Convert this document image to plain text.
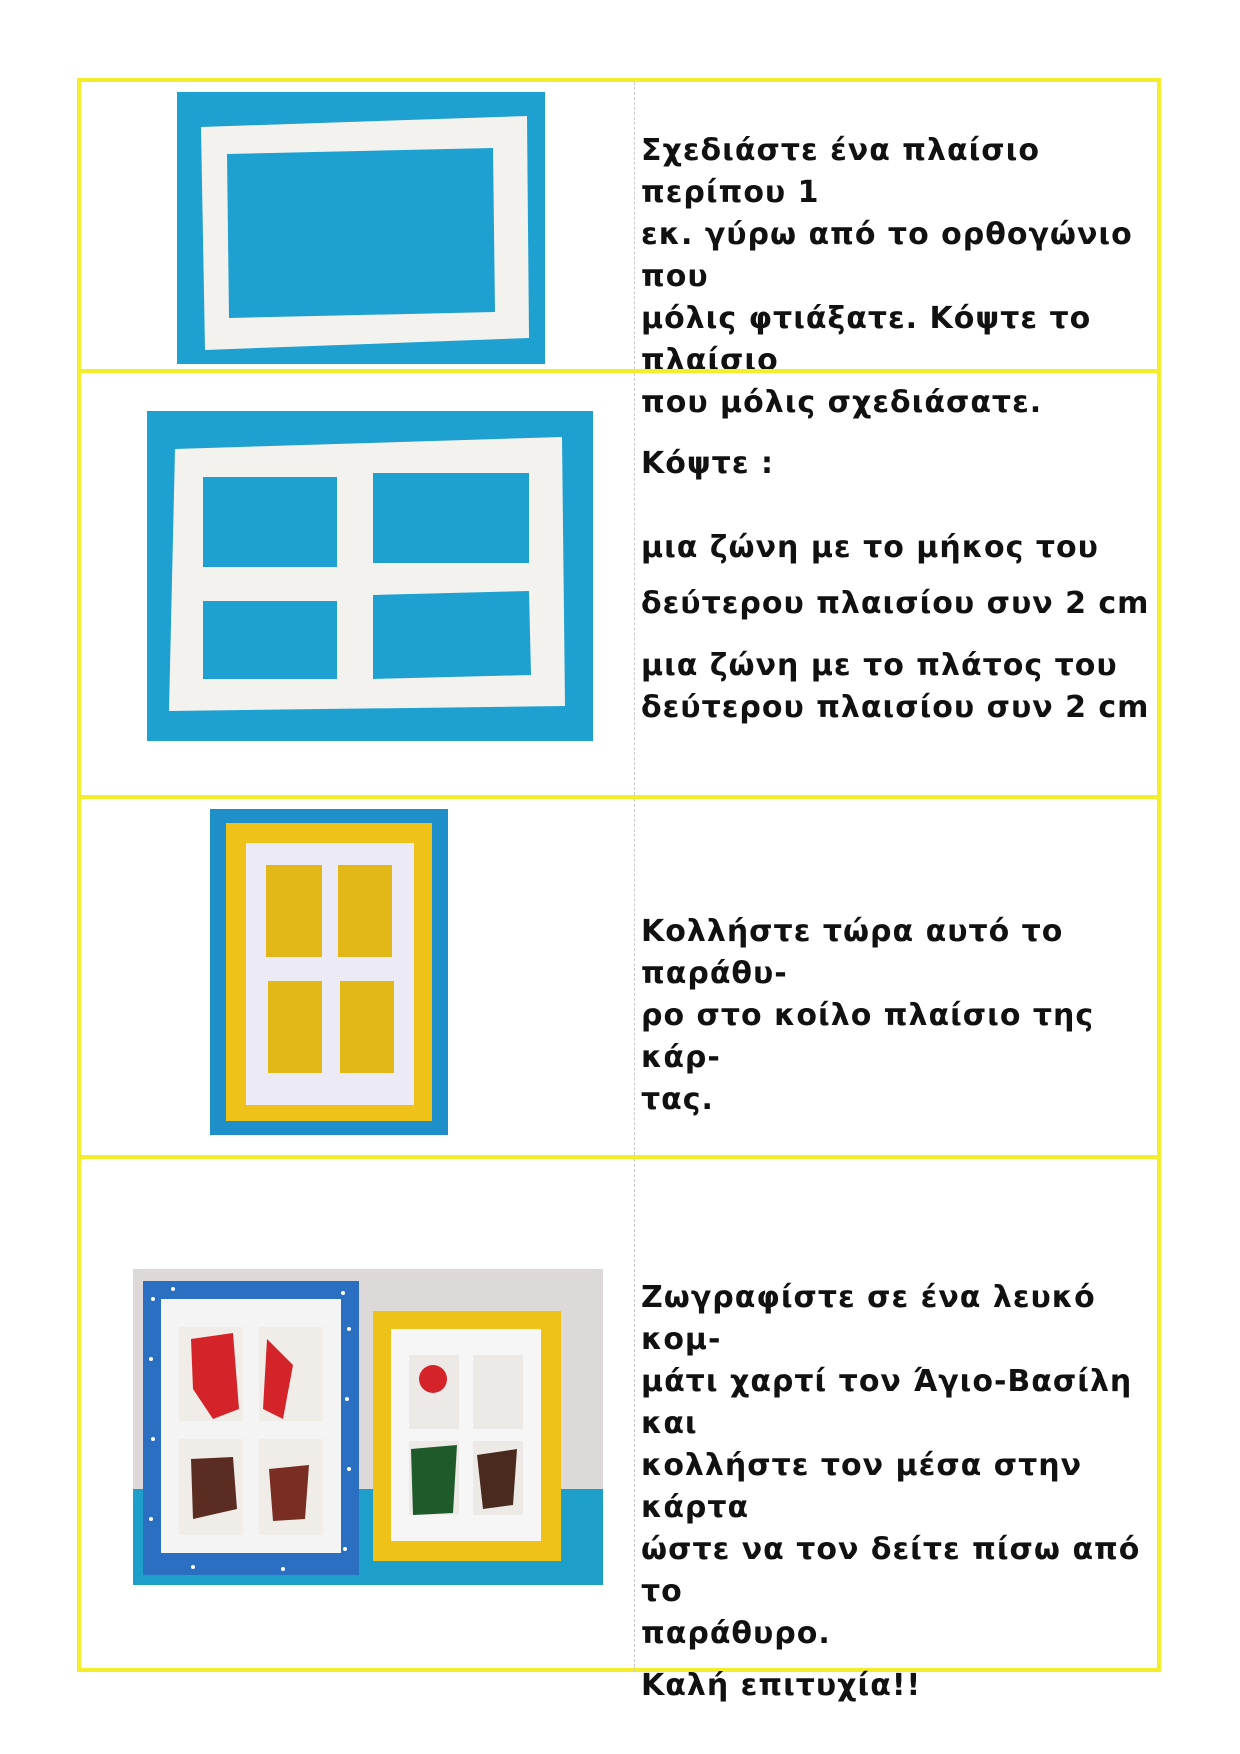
Σχεδιάστε ένα πλαίσιο περίπου 1

εκ. γύρω από το ορθογώνιο που

μόλις φτιάξατε. Κόψτε το πλαίσιο

που μόλις σχεδιάσατε.

Κόψτε :

μια ζώνη με το μήκος του

δεύτερου πλαισίου συν 2 cm

μια ζώνη με το πλάτος του

δεύτερου πλαισίου συν 2 cm

Κολλήστε τώρα αυτό το παράθυ-

ρο στο κοίλο πλαίσιο της κάρ-

τας.

Ζωγραφίστε σε ένα λευκό κομ-

μάτι χαρτί τον Άγιο-Βασίλη και

κολλήστε τον μέσα στην κάρτα

ώστε να τον δείτε πίσω από το

παράθυρο.

Καλή επιτυχία!!
